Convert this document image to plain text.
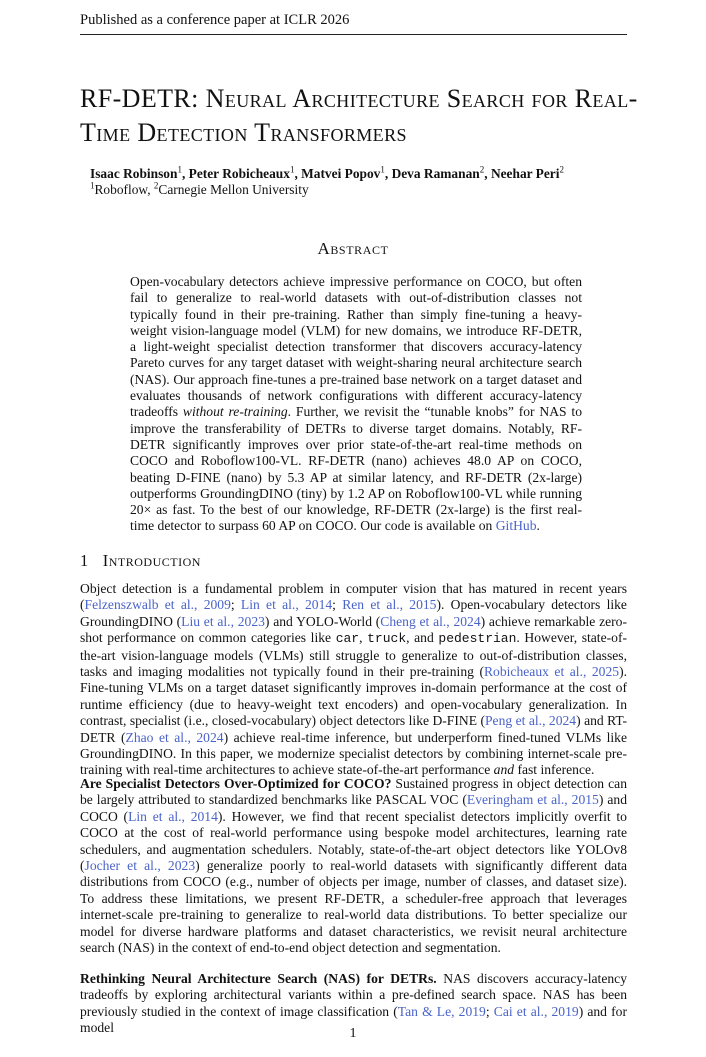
Published as a conference paper at ICLR 2026
RF-DETR: Neural Architecture Search for Real-Time Detection Transformers
Isaac Robinson$^1$, Peter Robicheaux$^1$, Matvei Popov$^1$, Deva Ramanan$^2$, Neehar Peri$^2$
$^1$Roboflow, $^2$Carnegie Mellon University
Abstract
Open-vocabulary detectors achieve impressive performance on COCO, but often fail to generalize to real-world datasets with out-of-distribution classes not typically found in their pre-training. Rather than simply fine-tuning a heavy-weight vision-language model (VLM) for new domains, we introduce RF-DETR, a light-weight specialist detection transformer that discovers accuracy-latency Pareto curves for any target dataset with weight-sharing neural architecture search (NAS). Our approach fine-tunes a pre-trained base network on a target dataset and evaluates thousands of network configurations with different accuracy-latency tradeoffs without re-training. Further, we revisit the “tunable knobs” for NAS to improve the transferability of DETRs to diverse target domains. Notably, RF-DETR significantly improves over prior state-of-the-art real-time methods on COCO and Roboflow100-VL. RF-DETR (nano) achieves 48.0 AP on COCO, beating D-FINE (nano) by 5.3 AP at similar latency, and RF-DETR (2x-large) outperforms GroundingDINO (tiny) by 1.2 AP on Roboflow100-VL while running 20× as fast. To the best of our knowledge, RF-DETR (2x-large) is the first real-time detector to surpass 60 AP on COCO. Our code is available on GitHub.
1 Introduction
Object detection is a fundamental problem in computer vision that has matured in recent years (Felzenszwalb et al., 2009; Lin et al., 2014; Ren et al., 2015). Open-vocabulary detectors like GroundingDINO (Liu et al., 2023) and YOLO-World (Cheng et al., 2024) achieve remarkable zero-shot performance on common categories like car, truck, and pedestrian. However, state-of-the-art vision-language models (VLMs) still struggle to generalize to out-of-distribution classes, tasks and imaging modalities not typically found in their pre-training (Robicheaux et al., 2025). Fine-tuning VLMs on a target dataset significantly improves in-domain performance at the cost of runtime efficiency (due to heavy-weight text encoders) and open-vocabulary generalization. In contrast, specialist (i.e., closed-vocabulary) object detectors like D-FINE (Peng et al., 2024) and RT-DETR (Zhao et al., 2024) achieve real-time inference, but underperform fined-tuned VLMs like GroundingDINO. In this paper, we modernize specialist detectors by combining internet-scale pre-training with real-time architectures to achieve state-of-the-art performance and fast inference.
Are Specialist Detectors Over-Optimized for COCO? Sustained progress in object detection can be largely attributed to standardized benchmarks like PASCAL VOC (Everingham et al., 2015) and COCO (Lin et al., 2014). However, we find that recent specialist detectors implicitly overfit to COCO at the cost of real-world performance using bespoke model architectures, learning rate schedulers, and augmentation schedulers. Notably, state-of-the-art object detectors like YOLOv8 (Jocher et al., 2023) generalize poorly to real-world datasets with significantly different data distributions from COCO (e.g., number of objects per image, number of classes, and dataset size). To address these limitations, we present RF-DETR, a scheduler-free approach that leverages internet-scale pre-training to generalize to real-world data distributions. To better specialize our model for diverse hardware platforms and dataset characteristics, we revisit neural architecture search (NAS) in the context of end-to-end object detection and segmentation.
Rethinking Neural Architecture Search (NAS) for DETRs. NAS discovers accuracy-latency tradeoffs by exploring architectural variants within a pre-defined search space. NAS has been previously studied in the context of image classification (Tan & Le, 2019; Cai et al., 2019) and for model	1
